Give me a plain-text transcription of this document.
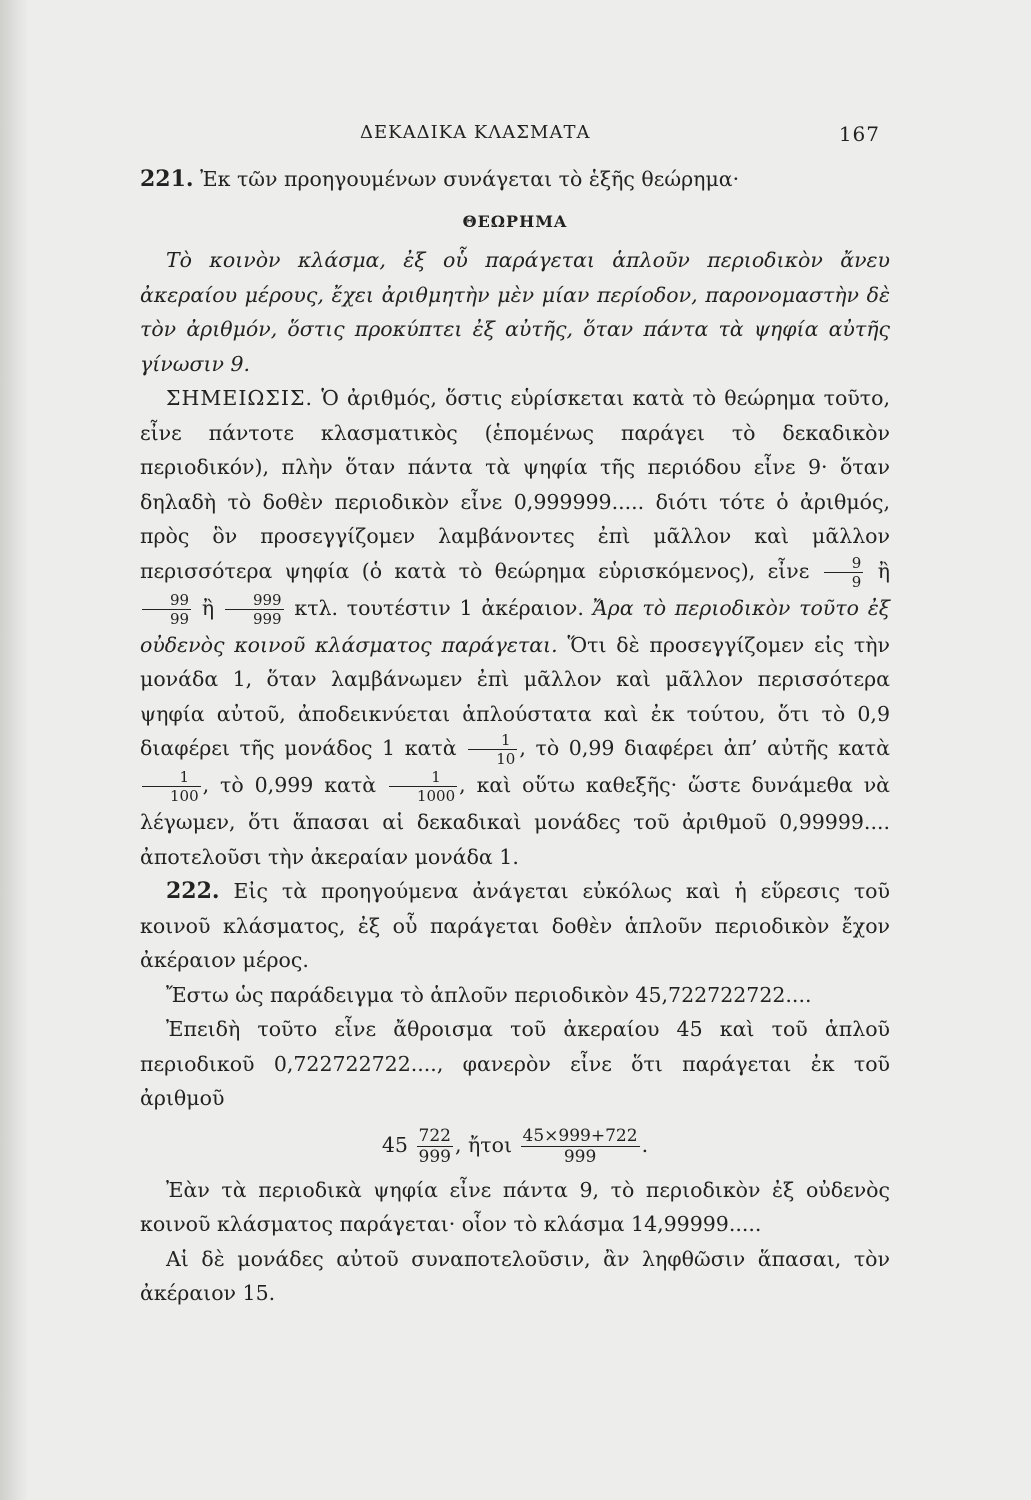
ΔΕΚΑΔΙΚΑ ΚΛΑΣΜΑΤΑ	167

221. Ἐκ τῶν προηγουμένων συνάγεται τὸ ἑξῆς θεώρημα·

ΘΕΩΡΗΜΑ

Τὸ κοινὸν κλάσμα, ἐξ οὗ παράγεται ἁπλοῦν περιοδικὸν ἄνευ ἀκεραίου μέρους, ἔχει ἀριθμητὴν μὲν μίαν περίοδον, παρονομαστὴν δὲ τὸν ἀριθμόν, ὅστις προκύπτει ἐξ αὐτῆς, ὅταν πάντα τὰ ψηφία αὐτῆς γίνωσιν 9.

ΣΗΜΕΙΩΣΙΣ. Ὁ ἀριθμός, ὅστις εὑρίσκεται κατὰ τὸ θεώρημα τοῦτο, εἶνε πάντοτε κλασματικὸς (ἑπομένως παράγει τὸ δεκαδικὸν περιοδικόν), πλὴν ὅταν πάντα τὰ ψηφία τῆς περιόδου εἶνε 9· ὅταν δηλαδὴ τὸ δοθὲν περιοδικὸν εἶνε 0,999999..... διότι τότε ὁ ἀριθμός, πρὸς ὃν προσεγγίζομεν λαμβάνοντες ἐπὶ μᾶλλον καὶ μᾶλλον περισσότερα ψηφία (ὁ κατὰ τὸ θεώρημα εὑρισκόμενος), εἶνε $\frac{9}{9}$ ἢ
$\frac{99}{99}$ ἢ $\frac{999}{999} \kappa\tau\lambda$. τουτέστιν 1 ἀκέραιον. Ἄρα τὸ περιοδικὸν τοῦτο ἐξ οὐδενὸς κοινοῦ κλάσματος παράγεται. Ὅτι δὲ προσεγγίζομεν εἰς τὴν μονάδα 1, ὅταν λαμβάνωμεν ἐπὶ μᾶλλον καὶ μᾶλλον περισσότερα ψηφία αὐτοῦ, ἀποδεικνύεται ἁπλούστατα καὶ ἐκ τούτου, ὅτι τὸ 0,9 διαφέρει τῆς μονάδος 1 κατὰ $\frac{1}{10}$ , τὸ 0,99 διαφέρει ἀπ’ αὐτῆς κατὰ
$\frac{1}{100}$ , τὸ 0,999 κατὰ $\frac{1}{1000}$ , καὶ οὕτω καθεξῆς· ὥστε δυνάμεθα νὰ λέγωμεν, ὅτι ἅπασαι αἱ δεκαδικαὶ μονάδες τοῦ ἀριθμοῦ 0,99999.... ἀποτελοῦσι τὴν ἀκεραίαν μονάδα 1.

222. Εἰς τὰ προηγούμενα ἀνάγεται εὐκόλως καὶ ἡ εὕρεσις τοῦ κοινοῦ κλάσματος, ἐξ οὗ παράγεται δοθὲν ἁπλοῦν περιοδικὸν ἔχον ἀκέραιον μέρος.

Ἔστω ὡς παράδειγμα τὸ ἁπλοῦν περιοδικὸν 45,722722722....

Ἐπειδὴ τοῦτο εἶνε ἄθροισμα τοῦ ἀκεραίου 45 καὶ τοῦ ἁπλοῦ περιοδικοῦ 0,722722722...., φανερὸν εἶνε ὅτι παράγεται ἐκ τοῦ ἀριθμοῦ

$45 \frac{722}{999}$ , ἤτοι $\frac{45\times 999+722}{999}$ .

Ἐὰν τὰ περιοδικὰ ψηφία εἶνε πάντα 9, τὸ περιοδικὸν ἐξ οὐδενὸς κοινοῦ κλάσματος παράγεται· οἷον τὸ κλάσμα 14,99999.....

Αἱ δὲ μονάδες αὐτοῦ συναποτελοῦσιν, ἂν ληφθῶσιν ἅπασαι, τὸν ἀκέραιον 15.
